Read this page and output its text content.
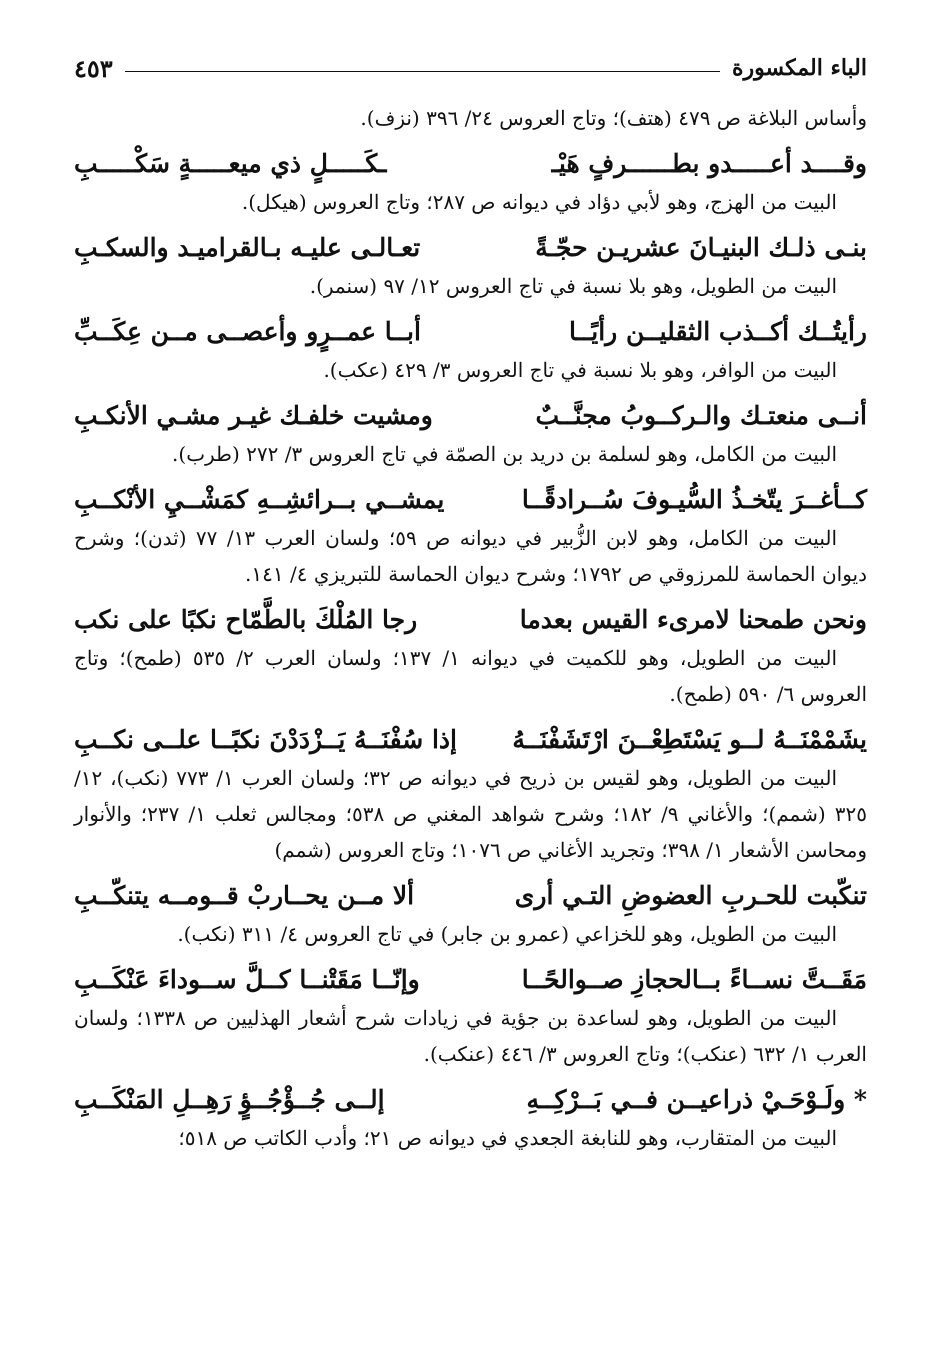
الباء المكسورة
٤٥٣

وأساس البلاغة ص ٤٧٩ (هتف)؛ وتاج العروس ٢٤/ ٣٩٦ (نزف).

وقــــد أعـــــدو بطــــــرفٍ هَيْـ
ـكَـــــلٍ ذي ميعـــــةٍ سَكْـــــبِ

البيت من الهزج، وهو لأبي دؤاد في ديوانه ص ٢٨٧؛ وتاج العروس (هيكل).

بنـى ذلـك البنيـانَ عشريـن حجّـةً
تعـالـى عليـه بـالقراميـد والسكـبِ

البيت من الطويل، وهو بلا نسبة في تاج العروس ١٢/ ٩٧ (سنمر).

رأيتُــك أكــذب الثقليــن رأيًــا
أبــا عمــرٍو وأعصــى مــن عِكَــبِّ

البيت من الوافر، وهو بلا نسبة في تاج العروس ٣/ ٤٢٩ (عكب).

أنــى منعتـك والـركــوبُ مجنَّــبٌ
ومشيت خلفـك غيـر مشـي الأنكـبِ

البيت من الكامل، وهو لسلمة بن دريد بن الصمّة في تاج العروس ٣/ ٢٧٢ (طرب).

كــأغــرَ يتّخـذُ السُّيـوفَ سُــرادقًــا
يمشــي بــرائشِــهِ كمَشْــيِ الأنْكــبِ

البيت من الكامل، وهو لابن الزُّبير في ديوانه ص ٥٩؛ ولسان العرب ١٣/ ٧٧ (ثدن)؛ وشرح ديوان الحماسة للمرزوقي ص ١٧٩٢؛ وشرح ديوان الحماسة للتبريزي ٤/ ١٤١.

ونحن طمحنا لامرىء القيس بعدما
رجا المُلْكَ بالطَّمّاح نكبًا على نكب

البيت من الطويل، وهو للكميت في ديوانه ١/ ١٣٧؛ ولسان العرب ٢/ ٥٣٥ (طمح)؛ وتاج العروس ٦/ ٥٩٠ (طمح).

يشَمْمْنَــهُ لــو يَسْتَطِعْــنَ ارْتَشَفْنَــهُ
إذا سُفْنَــهُ يَــزْدَدْنَ نكبًــا علــى نكــبِ

البيت من الطويل، وهو لقيس بن ذريح في ديوانه ص ٣٢؛ ولسان العرب ١/ ٧٧٣ (نكب)، ١٢/ ٣٢٥ (شمم)؛ والأغاني ٩/ ١٨٢؛ وشرح شواهد المغني ص ٥٣٨؛ ومجالس ثعلب ١/ ٢٣٧؛ والأنوار ومحاسن الأشعار ١/ ٣٩٨؛ وتجريد الأغاني ص ١٠٧٦؛ وتاج العروس (شمم)

تنكّبت للحـربِ العضوضِ التـي أرى
ألا مــن يحــاربْ قــومــه يتنكّــبِ

البيت من الطويل، وهو للخزاعي (عمرو بن جابر) في تاج العروس ٤/ ٣١١ (نكب).

مَقَــتَّ نســاءً بــالحجازِ صــوالحًــا
وإنّــا مَقَتْنــا كــلَّ ســوداءَ عَنْكَــبِ

البيت من الطويل، وهو لساعدة بن جؤية في زيادات شرح أشعار الهذليين ص ١٣٣٨؛ ولسان العرب ١/ ٦٣٢ (عنكب)؛ وتاج العروس ٣/ ٤٤٦ (عنكب).

* ولَـوْحَـيْ ذراعيــن فــي بَــرْكِــهِ
إلــى جُــؤْجُــؤٍ رَهِــلِ المَنْكَــبِ

البيت من المتقارب، وهو للنابغة الجعدي في ديوانه ص ٢١؛ وأدب الكاتب ص ٥١٨؛
